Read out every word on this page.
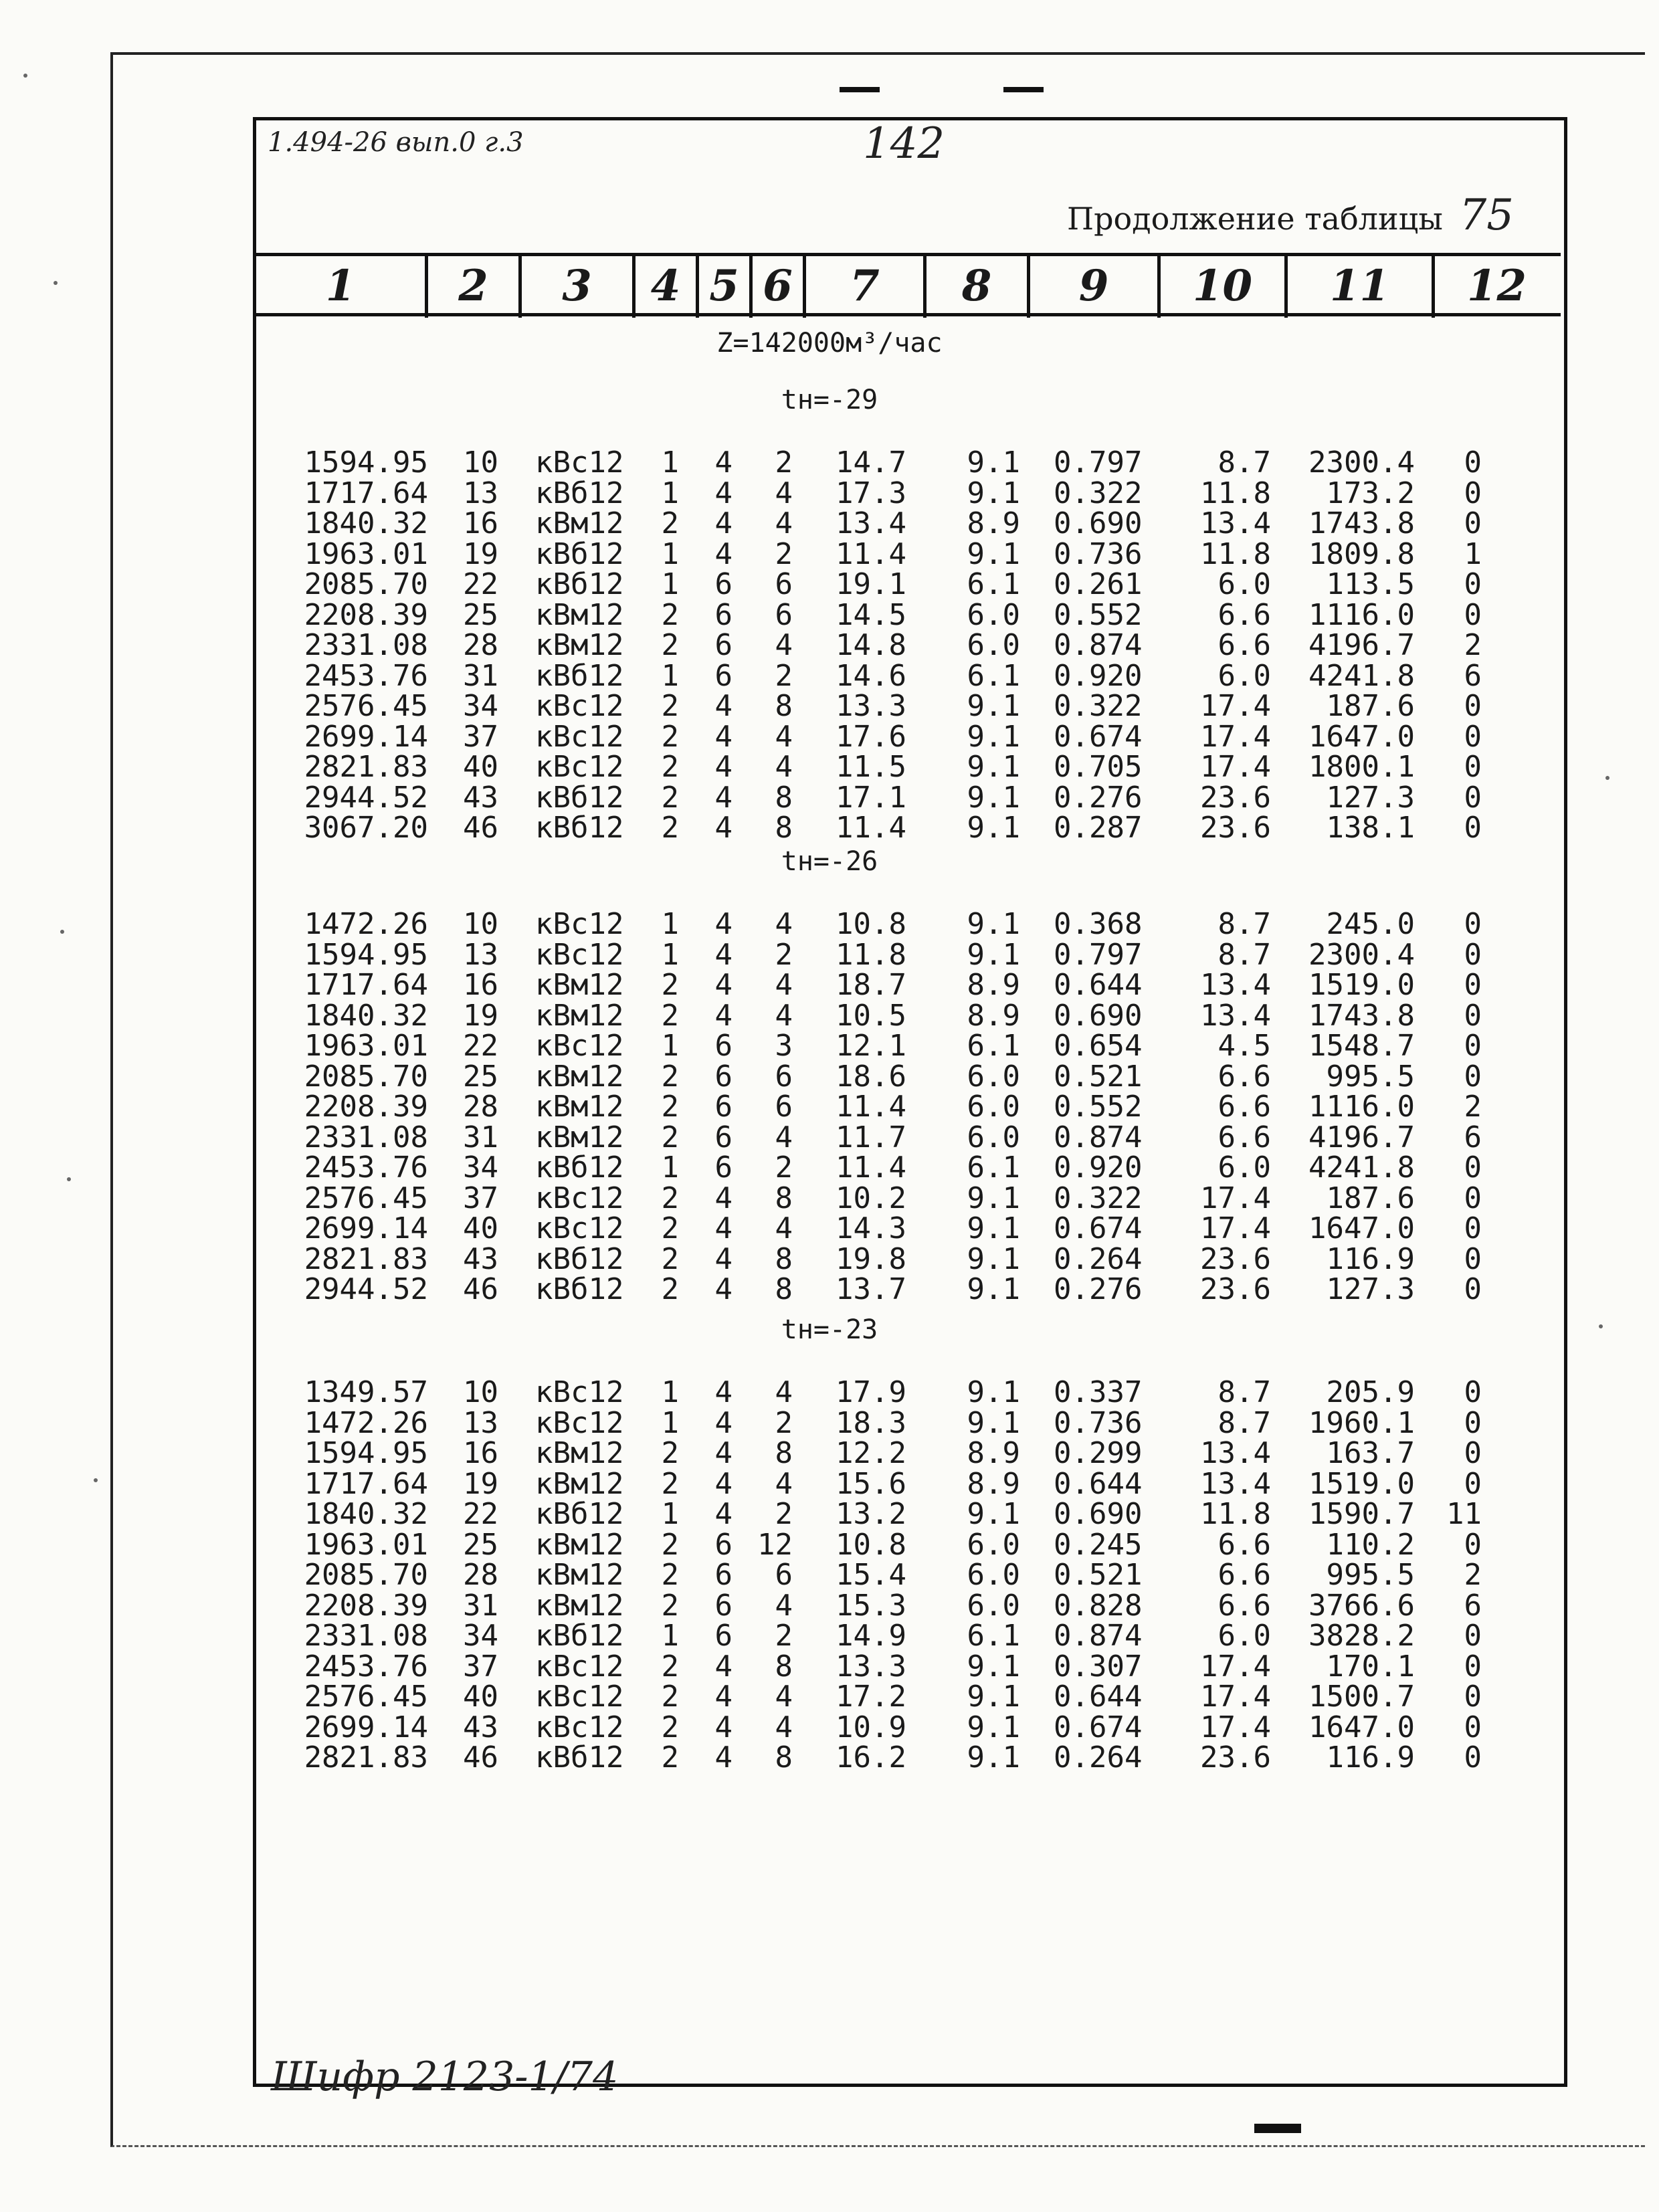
1.494-26 вып.0 г.3	142
Продолжение таблицы 75
1	2	3	4 5 6	7	8	9	10	11	12
Z=142000м³/час
tн=-29
tн=-26
tн=-23
1594.95 10 кВс12 1 4 2 14.7 9.1 0.797	8.7 2300.4 0
1717.64 13 кВб12 1 4 4 17.3 9.1 0.322 11.8 173.2 0
1840.32 16 кВм12 2 4 4 13.4 8.9 0.690 13.4 1743.8 0
1963.01 19 кВб12 1 4 2 11.4 9.1 0.736 11.8 1809.8 1
2085.70 22 кВб12 1 6 6 19.1 6.1 0.261	6.0 113.5 0
2208.39 25 кВм12 2 6 6 14.5 6.0 0.552	6.6 1116.0 0
2331.08 28 кВм12 2 6 4 14.8 6.0 0.874	6.6 4196.7 2
2453.76 31 кВб12 1 6 2 14.6 6.1 0.920	6.0 4241.8 6
2576.45 34 кВс12 2 4 8 13.3 9.1 0.322 17.4 187.6 0
2699.14 37 кВс12 2 4 4 17.6 9.1 0.674 17.4 1647.0 0
2821.83 40 кВс12 2 4 4 11.5 9.1 0.705 17.4 1800.1 0
2944.52 43 кВб12 2 4 8 17.1 9.1 0.276 23.6 127.3 0
3067.20 46 кВб12 2 4 8 11.4 9.1 0.287 23.6 138.1 0
1472.26 10 кВс12 1 4 4 10.8 9.1 0.368	8.7 245.0 0
1594.95 13 кВс12 1 4 2 11.8 9.1 0.797	8.7 2300.4 0
1717.64 16 кВм12 2 4 4 18.7 8.9 0.644 13.4 1519.0 0
1840.32 19 кВм12 2 4 4 10.5 8.9 0.690 13.4 1743.8 0
1963.01 22 кВс12 1 6 3 12.1 6.1 0.654	4.5 1548.7 0
2085.70 25 кВм12 2 6 6 18.6 6.0 0.521	6.6 995.5 0
2208.39 28 кВм12 2 6 6 11.4 6.0 0.552	6.6 1116.0 2
2331.08 31 кВм12 2 6 4 11.7 6.0 0.874	6.6 4196.7 6
2453.76 34 кВб12 1 6 2 11.4 6.1 0.920	6.0 4241.8 0
2576.45 37 кВс12 2 4 8 10.2 9.1 0.322 17.4 187.6 0
2699.14 40 кВс12 2 4 4 14.3 9.1 0.674 17.4 1647.0 0
2821.83 43 кВб12 2 4 8 19.8 9.1 0.264 23.6 116.9 0
2944.52 46 кВб12 2 4 8 13.7 9.1 0.276 23.6 127.3 0
1349.57 10 кВс12 1 4 4 17.9 9.1 0.337	8.7 205.9 0
1472.26 13 кВс12 1 4 2 18.3 9.1 0.736	8.7 1960.1 0
1594.95 16 кВм12 2 4 8 12.2 8.9 0.299 13.4 163.7 0
1717.64 19 кВм12 2 4 4 15.6 8.9 0.644 13.4 1519.0 0
1840.32 22 кВб12 1 4 2 13.2 9.1 0.690 11.8 1590.7 11
1963.01 25 кВм12 2 6 12 10.8 6.0 0.245	6.6 110.2 0
2085.70 28 кВм12 2 6 6 15.4 6.0 0.521	6.6 995.5 2
2208.39 31 кВм12 2 6 4 15.3 6.0 0.828	6.6 3766.6 6
2331.08 34 кВб12 1 6 2 14.9 6.1 0.874	6.0 3828.2 0
2453.76 37 кВс12 2 4 8 13.3 9.1 0.307 17.4 170.1 0
2576.45 40 кВс12 2 4 4 17.2 9.1 0.644 17.4 1500.7 0
2699.14 43 кВс12 2 4 4 10.9 9.1 0.674 17.4 1647.0 0
2821.83 46 кВб12 2 4 8 16.2 9.1 0.264 23.6 116.9 0
Шифр 2123-1/74
